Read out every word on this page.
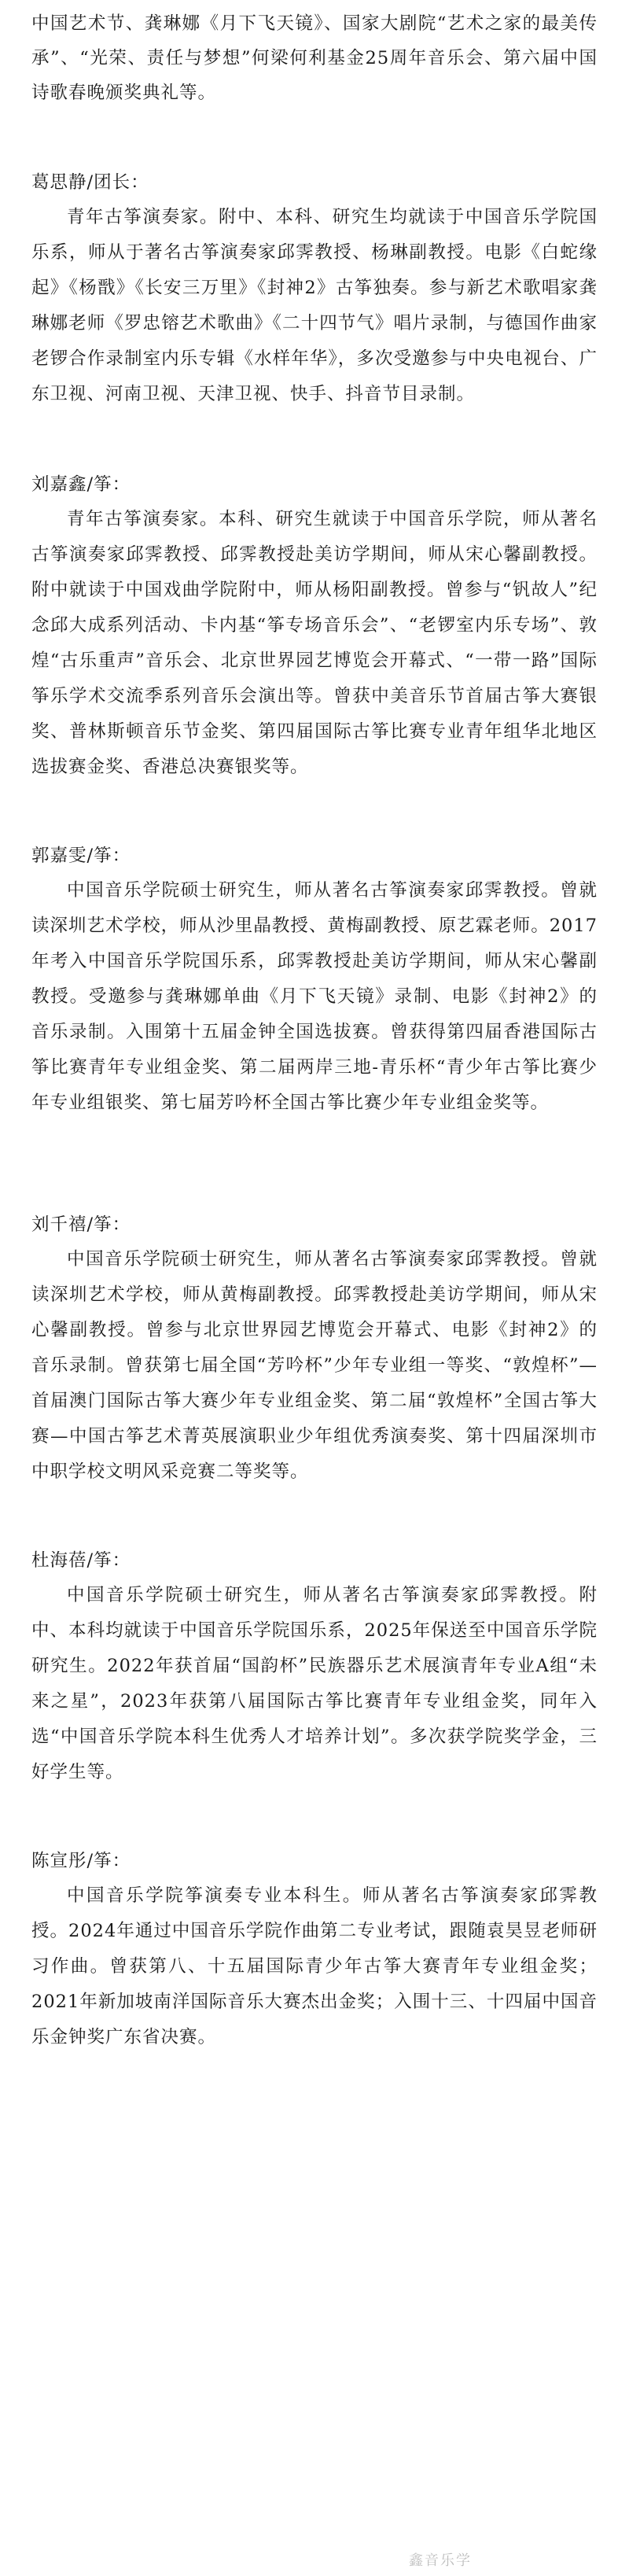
中国艺术节、龚琳娜《月下飞天镜》、国家大剧院“艺术之家的最美传承”、“光荣、责任与梦想”何梁何利基金25周年音乐会、第六届中国诗歌春晚颁奖典礼等。

葛思静/团长：

青年古筝演奏家。附中、本科、研究生均就读于中国音乐学院国乐系，师从于著名古筝演奏家邱霁教授、杨琳副教授。电影《白蛇缘起》《杨戬》《长安三万里》《封神2》古筝独奏。参与新艺术歌唱家龚琳娜老师《罗忠镕艺术歌曲》《二十四节气》唱片录制，与德国作曲家老锣合作录制室内乐专辑《水样年华》，多次受邀参与中央电视台、广东卫视、河南卫视、天津卫视、快手、抖音节目录制。

刘嘉鑫/筝：

青年古筝演奏家。本科、研究生就读于中国音乐学院，师从著名古筝演奏家邱霁教授、邱霁教授赴美访学期间，师从宋心馨副教授。附中就读于中国戏曲学院附中，师从杨阳副教授。曾参与“钒故人”纪念邱大成系列活动、卡内基“筝专场音乐会”、“老锣室内乐专场”、敦煌“古乐重声”音乐会、北京世界园艺博览会开幕式、“一带一路”国际筝乐学术交流季系列音乐会演出等。曾获中美音乐节首届古筝大赛银奖、普林斯顿音乐节金奖、第四届国际古筝比赛专业青年组华北地区选拔赛金奖、香港总决赛银奖等。

郭嘉雯/筝：

中国音乐学院硕士研究生，师从著名古筝演奏家邱霁教授。曾就读深圳艺术学校，师从沙里晶教授、黄梅副教授、原艺霖老师。2017年考入中国音乐学院国乐系，邱霁教授赴美访学期间，师从宋心馨副教授。受邀参与龚琳娜单曲《月下飞天镜》录制、电影《封神2》的音乐录制。入围第十五届金钟全国选拔赛。曾获得第四届香港国际古筝比赛青年专业组金奖、第二届两岸三地-青乐杯“青少年古筝比赛少年专业组银奖、第七届芳吟杯全国古筝比赛少年专业组金奖等。

刘千禧/筝：

中国音乐学院硕士研究生，师从著名古筝演奏家邱霁教授。曾就读深圳艺术学校，师从黄梅副教授。邱霁教授赴美访学期间，师从宋心馨副教授。曾参与北京世界园艺博览会开幕式、电影《封神2》的音乐录制。曾获第七届全国“芳吟杯”少年专业组一等奖、“敦煌杯”—首届澳门国际古筝大赛少年专业组金奖、第二届“敦煌杯”全国古筝大赛—中国古筝艺术菁英展演职业少年组优秀演奏奖、第十四届深圳市中职学校文明风采竞赛二等奖等。

杜海蓓/筝：

中国音乐学院硕士研究生，师从著名古筝演奏家邱霁教授。附中、本科均就读于中国音乐学院国乐系，2025年保送至中国音乐学院研究生。2022年获首届“国韵杯”民族器乐艺术展演青年专业A组“未来之星”，2023年获第八届国际古筝比赛青年专业组金奖，同年入选“中国音乐学院本科生优秀人才培养计划”。多次获学院奖学金，三好学生等。

陈宣彤/筝：

中国音乐学院筝演奏专业本科生。师从著名古筝演奏家邱霁教授。2024年通过中国音乐学院作曲第二专业考试，跟随袁昊昱老师研习作曲。曾获第八、十五届国际青少年古筝大赛青年专业组金奖；2021年新加坡南洋国际音乐大赛杰出金奖；入围十三、十四届中国音乐金钟奖广东省决赛。

鑫音乐学
